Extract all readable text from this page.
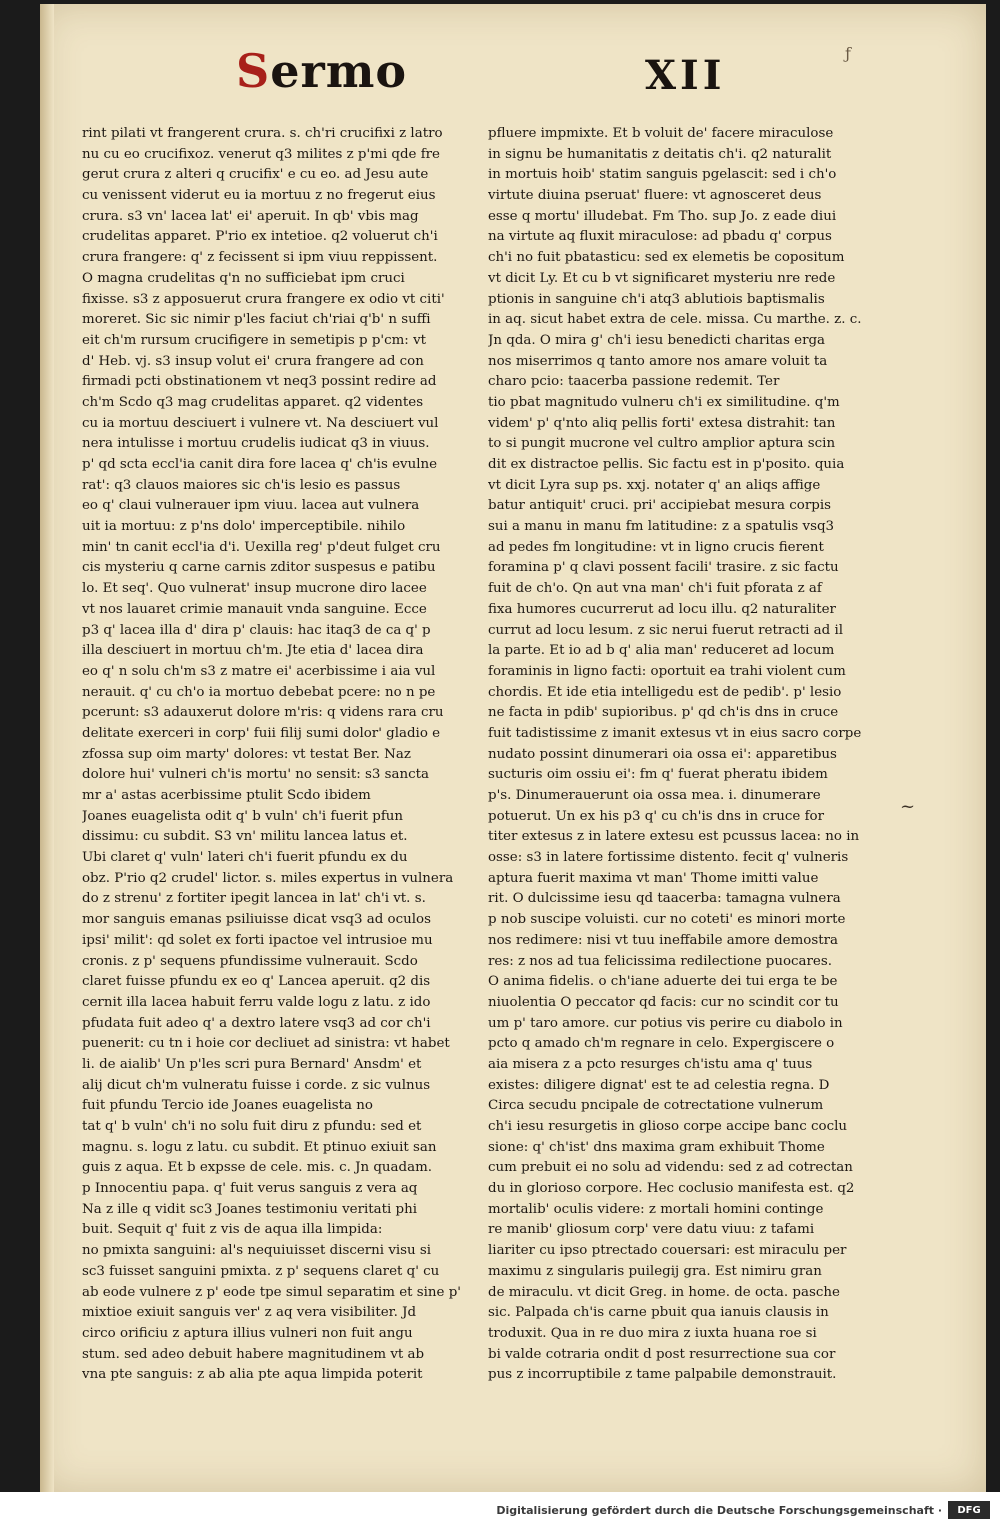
Sermo	XII	ƒ
~
rint pilati vt frangerent crura. s. ch'ri crucifixi z latro
nu cu eo crucifixoz. venerut q3 milites z p'mi qde fre
gerut crura z alteri q crucifix' e cu eo. ad Jesu aute
cu venissent viderut eu ia mortuu z no fregerut eius
crura. s3 vn' lacea lat' ei' aperuit. In qb' vbis mag
crudelitas apparet. P'rio ex intetioe. q2 voluerut ch'i
crura frangere: q' z fecissent si ipm viuu reppissent.
O magna crudelitas q'n no sufficiebat ipm cruci
fixisse. s3 z apposuerut crura frangere ex odio vt citi'
moreret. Sic sic nimir p'les faciut ch'riai q'b' n suffi
eit ch'm rursum crucifigere in semetipis p p'cm: vt
d' Heb. vj. s3 insup volut ei' crura frangere ad con
firmadi pcti obstinationem vt neq3 possint redire ad
ch'm Scdo q3 mag crudelitas apparet. q2 videntes
cu ia mortuu desciuert i vulnere vt. Na desciuert vul
nera intulisse i mortuu crudelis iudicat q3 in viuus.
p' qd scta eccl'ia canit dira fore lacea q' ch'is evulne
rat': q3 clauos maiores sic ch'is lesio es passus
eo q' claui vulnerauer ipm viuu. lacea aut vulnera
uit ia mortuu: z p'ns dolo' imperceptibile. nihilo
min' tn canit eccl'ia d'i. Uexilla reg' p'deut fulget cru
cis mysteriu q carne carnis zditor suspesus e patibu
lo. Et seq'. Quo vulnerat' insup mucrone diro lacee
vt nos lauaret crimie manauit vnda sanguine. Ecce
p3 q' lacea illa d' dira p' clauis: hac itaq3 de ca q' p
illa desciuert in mortuu ch'm. Jte etia d' lacea dira
eo q' n solu ch'm s3 z matre ei' acerbissime i aia vul
nerauit. q' cu ch'o ia mortuo debebat pcere: no n pe
pcerunt: s3 adauxerut dolore m'ris: q videns rara cru
delitate exerceri in corp' fuii filij sumi dolor' gladio e
zfossa sup oim marty' dolores: vt testat Ber. Naz
dolore hui' vulneri ch'is mortu' no sensit: s3 sancta
mr a' astas acerbissime ptulit Scdo ibidem
Joanes euagelista odit q' b vuln' ch'i fuerit pfun
dissimu: cu subdit. S3 vn' militu lancea latus et.
Ubi claret q' vuln' lateri ch'i fuerit pfundu ex du
obz. P'rio q2 crudel' lictor. s. miles expertus in vulnera
do z strenu' z fortiter ipegit lancea in lat' ch'i vt. s.
mor sanguis emanas psiliuisse dicat vsq3 ad oculos
ipsi' milit': qd solet ex forti ipactoe vel intrusioe mu
cronis. z p' sequens pfundissime vulnerauit. Scdo
claret fuisse pfundu ex eo q' Lancea aperuit. q2 dis
cernit illa lacea habuit ferru valde logu z latu. z ido
pfudata fuit adeo q' a dextro latere vsq3 ad cor ch'i
puenerit: cu tn i hoie cor decliuet ad sinistra: vt habet
li. de aialib' Un p'les scri pura Bernard' Ansdm' et
alij dicut ch'm vulneratu fuisse i corde. z sic vulnus
fuit pfundu Tercio ide Joanes euagelista no
tat q' b vuln' ch'i no solu fuit diru z pfundu: sed et
magnu. s. logu z latu. cu subdit. Et ptinuo exiuit san
guis z aqua. Et b expsse de cele. mis. c. Jn quadam.
p Innocentiu papa. q' fuit verus sanguis z vera aq
Na z ille q vidit sc3 Joanes testimoniu veritati phi
buit. Sequit q' fuit z vis de aqua illa limpida:
no pmixta sanguini: al's nequiuisset discerni visu si
sc3 fuisset sanguini pmixta. z p' sequens claret q' cu
ab eode vulnere z p' eode tpe simul separatim et sine p'
mixtioe exiuit sanguis ver' z aq vera visibiliter. Jd
circo orificiu z aptura illius vulneri non fuit angu
stum. sed adeo debuit habere magnitudinem vt ab
vna pte sanguis: z ab alia pte aqua limpida poterit
pfluere impmixte. Et b voluit de' facere miraculose
in signu be humanitatis z deitatis ch'i. q2 naturalit
in mortuis hoib' statim sanguis pgelascit: sed i ch'o
virtute diuina pseruat' fluere: vt agnosceret deus
esse q mortu' illudebat. Fm Tho. sup Jo. z eade diui
na virtute aq fluxit miraculose: ad pbadu q' corpus
ch'i no fuit pbatasticu: sed ex elemetis be copositum
vt dicit Ly. Et cu b vt significaret mysteriu nre rede
ptionis in sanguine ch'i atq3 ablutiois baptismalis
in aq. sicut habet extra de cele. missa. Cu marthe. z. c.
Jn qda. O mira g' ch'i iesu benedicti charitas erga
nos miserrimos q tanto amore nos amare voluit ta
charo pcio: taacerba passione redemit. Ter
tio pbat magnitudo vulneru ch'i ex similitudine. q'm
videm' p' q'nto aliq pellis forti' extesa distrahit: tan
to si pungit mucrone vel cultro amplior aptura scin
dit ex distractoe pellis. Sic factu est in p'posito. quia
vt dicit Lyra sup ps. xxj. notater q' an aliqs affige
batur antiquit' cruci. pri' accipiebat mesura corpis
sui a manu in manu fm latitudine: z a spatulis vsq3
ad pedes fm longitudine: vt in ligno crucis fierent
foramina p' q clavi possent facili' trasire. z sic factu
fuit de ch'o. Qn aut vna man' ch'i fuit pforata z af
fixa humores cucurrerut ad locu illu. q2 naturaliter
currut ad locu lesum. z sic nerui fuerut retracti ad il
la parte. Et io ad b q' alia man' reduceret ad locum
foraminis in ligno facti: oportuit ea trahi violent cum
chordis. Et ide etia intelligedu est de pedib'. p' lesio
ne facta in pdib' supioribus. p' qd ch'is dns in cruce
fuit tadistissime z imanit extesus vt in eius sacro corpe
nudato possint dinumerari oia ossa ei': apparetibus
sucturis oim ossiu ei': fm q' fuerat pheratu ibidem
p's. Dinumerauerunt oia ossa mea. i. dinumerare
potuerut. Un ex his p3 q' cu ch'is dns in cruce for
titer extesus z in latere extesu est pcussus lacea: no in
osse: s3 in latere fortissime distento. fecit q' vulneris
aptura fuerit maxima vt man' Thome imitti value
rit. O dulcissime iesu qd taacerba: tamagna vulnera
p nob suscipe voluisti. cur no coteti' es minori morte
nos redimere: nisi vt tuu ineffabile amore demostra
res: z nos ad tua felicissima redilectione puocares.
O anima fidelis. o ch'iane aduerte dei tui erga te be
niuolentia O peccator qd facis: cur no scindit cor tu
um p' taro amore. cur potius vis perire cu diabolo in
pcto q amado ch'm regnare in celo. Expergiscere o
aia misera z a pcto resurges ch'istu ama q' tuus
existes: diligere dignat' est te ad celestia regna. D
Circa secudu pncipale de cotrectatione vulnerum
ch'i iesu resurgetis in glioso corpe accipe banc coclu
sione: q' ch'ist' dns maxima gram exhibuit Thome
cum prebuit ei no solu ad videndu: sed z ad cotrectan
du in glorioso corpore. Hec coclusio manifesta est. q2
mortalib' oculis videre: z mortali homini continge
re manib' gliosum corp' vere datu viuu: z tafami
liariter cu ipso ptrectado couersari: est miraculu per
maximu z singularis puilegij gra. Est nimiru gran
de miraculu. vt dicit Greg. in home. de octa. pasche
sic. Palpada ch'is carne pbuit qua ianuis clausis in
troduxit. Qua in re duo mira z iuxta huana roe si
bi valde cotraria ondit d post resurrectione sua cor
pus z incorruptibile z tame palpabile demonstrauit.
Digitalisierung gefördert durch die Deutsche Forschungsgemeinschaft ·	DFG
